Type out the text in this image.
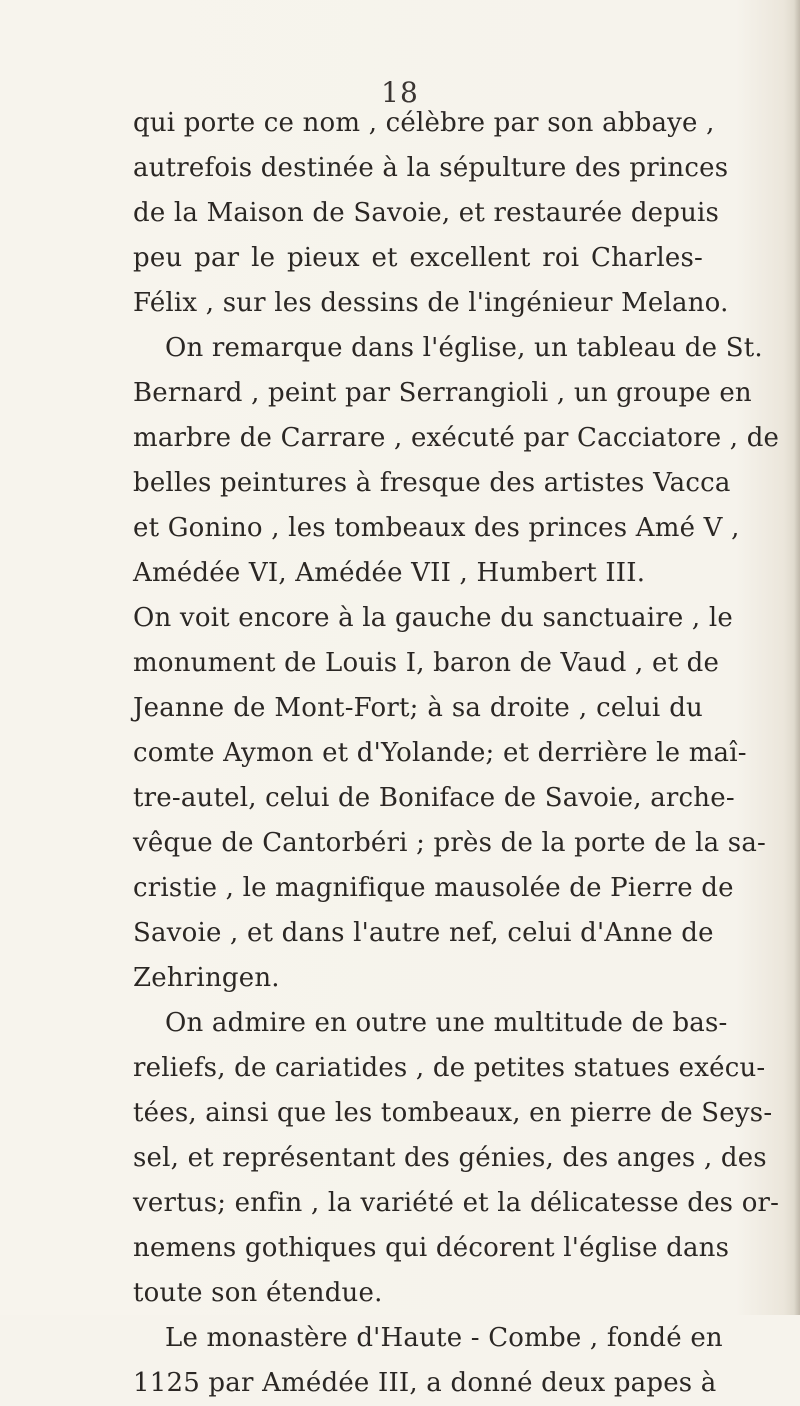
18
qui porte ce nom , célèbre par son abbaye ,
autrefois destinée à la sépulture des princes
de la Maison de Savoie, et restaurée depuis
peu par le pieux et excellent roi Charles-
Félix , sur les dessins de l'ingénieur Melano.
On remarque dans l'église, un tableau de St.
Bernard , peint par Serrangioli , un groupe en
marbre de Carrare , exécuté par Cacciatore , de
belles peintures à fresque des artistes Vacca
et Gonino , les tombeaux des princes Amé V ,
Amédée VI, Amédée VII , Humbert III.
On voit encore à la gauche du sanctuaire , le
monument de Louis I, baron de Vaud , et de
Jeanne de Mont-Fort; à sa droite , celui du
comte Aymon et d'Yolande; et derrière le maî-
tre-autel, celui de Boniface de Savoie, arche-
vêque de Cantorbéri ; près de la porte de la sa-
cristie , le magnifique mausolée de Pierre de
Savoie , et dans l'autre nef, celui d'Anne de
Zehringen.
On admire en outre une multitude de bas-
reliefs, de cariatides , de petites statues exécu-
tées, ainsi que les tombeaux, en pierre de Seys-
sel, et représentant des génies, des anges , des
vertus; enfin , la variété et la délicatesse des or-
nemens gothiques qui décorent l'église dans
toute son étendue.
Le monastère d'Haute - Combe , fondé en
1125 par Amédée III, a donné deux papes à
